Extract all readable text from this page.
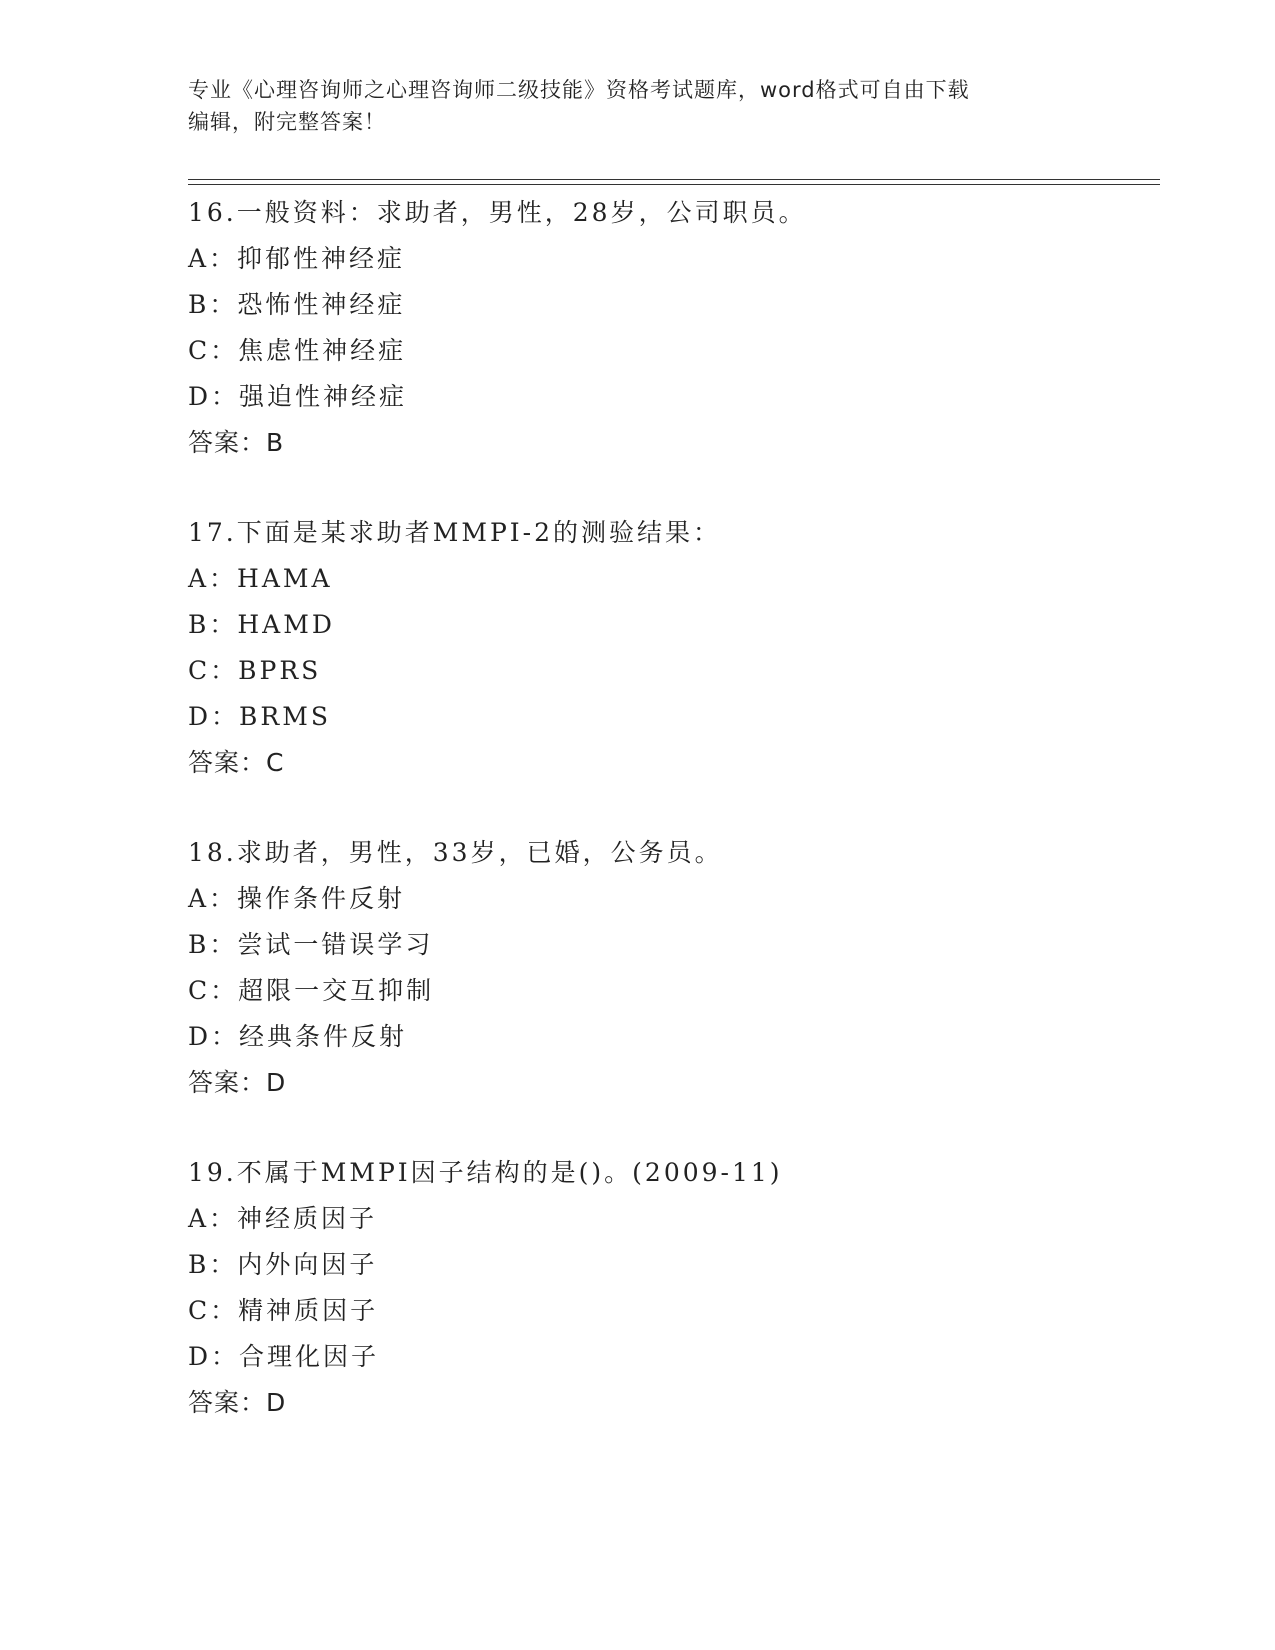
专业《心理咨询师之心理咨询师二级技能》资格考试题库，word格式可自由下载
编辑，附完整答案！
16.一般资料：求助者，男性，28岁，公司职员。
A：抑郁性神经症
B：恐怖性神经症
C：焦虑性神经症
D：强迫性神经症
答案：B
17.下面是某求助者MMPI-2的测验结果：
A：HAMA
B：HAMD
C：BPRS
D：BRMS
答案：C
18.求助者，男性，33岁，已婚，公务员。
A：操作条件反射
B：尝试一错误学习
C：超限一交互抑制
D：经典条件反射
答案：D
19.不属于MMPI因子结构的是()。(2009-11)
A：神经质因子
B：内外向因子
C：精神质因子
D：合理化因子
答案：D
